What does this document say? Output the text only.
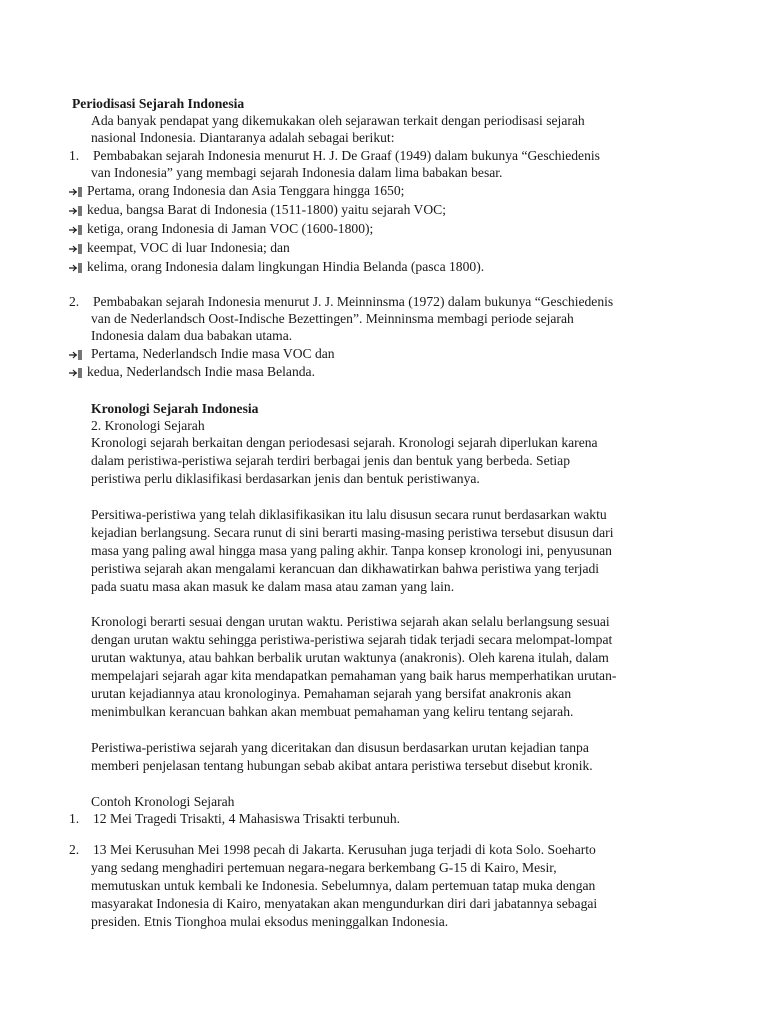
Periodisasi Sejarah Indonesia
Ada banyak pendapat yang dikemukakan oleh sejarawan terkait dengan periodisasi sejarah
nasional Indonesia. Diantaranya adalah sebagai berikut:
1. Pembabakan sejarah Indonesia menurut H. J. De Graaf (1949) dalam bukunya “Geschiedenis
van Indonesia” yang membagi sejarah Indonesia dalam lima babakan besar.
Pertama, orang Indonesia dan Asia Tenggara hingga 1650;
kedua, bangsa Barat di Indonesia (1511-1800) yaitu sejarah VOC;
ketiga, orang Indonesia di Jaman VOC (1600-1800);
keempat, VOC di luar Indonesia; dan
kelima, orang Indonesia dalam lingkungan Hindia Belanda (pasca 1800).
2. Pembabakan sejarah Indonesia menurut J. J. Meinninsma (1972) dalam bukunya “Geschiedenis
van de Nederlandsch Oost-Indische Bezettingen”. Meinninsma membagi periode sejarah
Indonesia dalam dua babakan utama.
Pertama, Nederlandsch Indie masa VOC dan
kedua, Nederlandsch Indie masa Belanda.
Kronologi Sejarah Indonesia
2. Kronologi Sejarah
Kronologi sejarah berkaitan dengan periodesasi sejarah. Kronologi sejarah diperlukan karena
dalam peristiwa-peristiwa sejarah terdiri berbagai jenis dan bentuk yang berbeda. Setiap
peristiwa perlu diklasifikasi berdasarkan jenis dan bentuk peristiwanya.
Persitiwa-peristiwa yang telah diklasifikasikan itu lalu disusun secara runut berdasarkan waktu
kejadian berlangsung. Secara runut di sini berarti masing-masing peristiwa tersebut disusun dari
masa yang paling awal hingga masa yang paling akhir. Tanpa konsep kronologi ini, penyusunan
peristiwa sejarah akan mengalami kerancuan dan dikhawatirkan bahwa peristiwa yang terjadi
pada suatu masa akan masuk ke dalam masa atau zaman yang lain.
Kronologi berarti sesuai dengan urutan waktu. Peristiwa sejarah akan selalu berlangsung sesuai
dengan urutan waktu sehingga peristiwa-peristiwa sejarah tidak terjadi secara melompat-lompat
urutan waktunya, atau bahkan berbalik urutan waktunya (anakronis). Oleh karena itulah, dalam
mempelajari sejarah agar kita mendapatkan pemahaman yang baik harus memperhatikan urutan-
urutan kejadiannya atau kronologinya. Pemahaman sejarah yang bersifat anakronis akan
menimbulkan kerancuan bahkan akan membuat pemahaman yang keliru tentang sejarah.
Peristiwa-peristiwa sejarah yang diceritakan dan disusun berdasarkan urutan kejadian tanpa
memberi penjelasan tentang hubungan sebab akibat antara peristiwa tersebut disebut kronik.
Contoh Kronologi Sejarah
1. 12 Mei Tragedi Trisakti, 4 Mahasiswa Trisakti terbunuh.
2. 13 Mei Kerusuhan Mei 1998 pecah di Jakarta. Kerusuhan juga terjadi di kota Solo. Soeharto
yang sedang menghadiri pertemuan negara-negara berkembang G-15 di Kairo, Mesir,
memutuskan untuk kembali ke Indonesia. Sebelumnya, dalam pertemuan tatap muka dengan
masyarakat Indonesia di Kairo, menyatakan akan mengundurkan diri dari jabatannya sebagai
presiden. Etnis Tionghoa mulai eksodus meninggalkan Indonesia.
